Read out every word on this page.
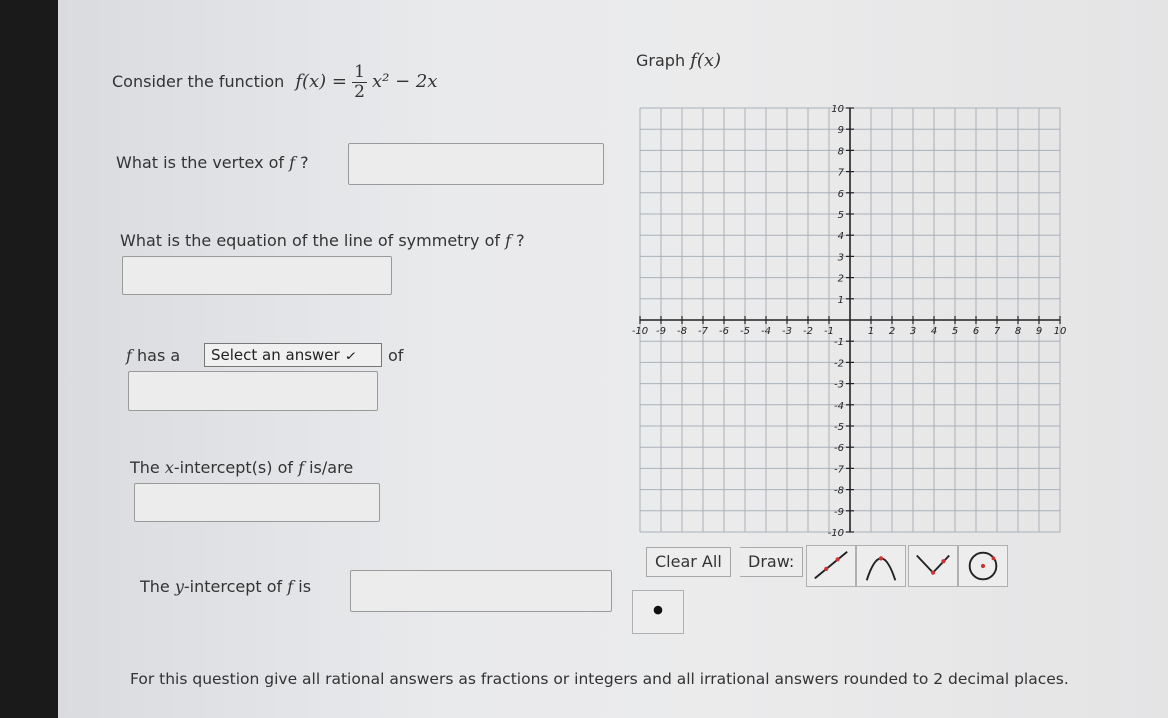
Consider the function $f(x) = \frac{1}{2} x^2 - 2x$
What is the vertex of f ?
What is the equation of the line of symmetry of f ?
f has a	Select an answer ✓	of
The x-intercept(s) of f is/are
The y-intercept of f is
Graph f(x)
-10 -9 -8 -7 -6 -5 -4 -3 -2 -1	1 2 3 4 5 6 7 8 9 10
10
9
8
7
6
5
4
3
2
1
-1
-2
-3
-4
-5
-6
-7
-8
-9
-10
Clear All	Draw:
For this question give all rational answers as fractions or integers and all irrational answers rounded to 2 decimal places.
